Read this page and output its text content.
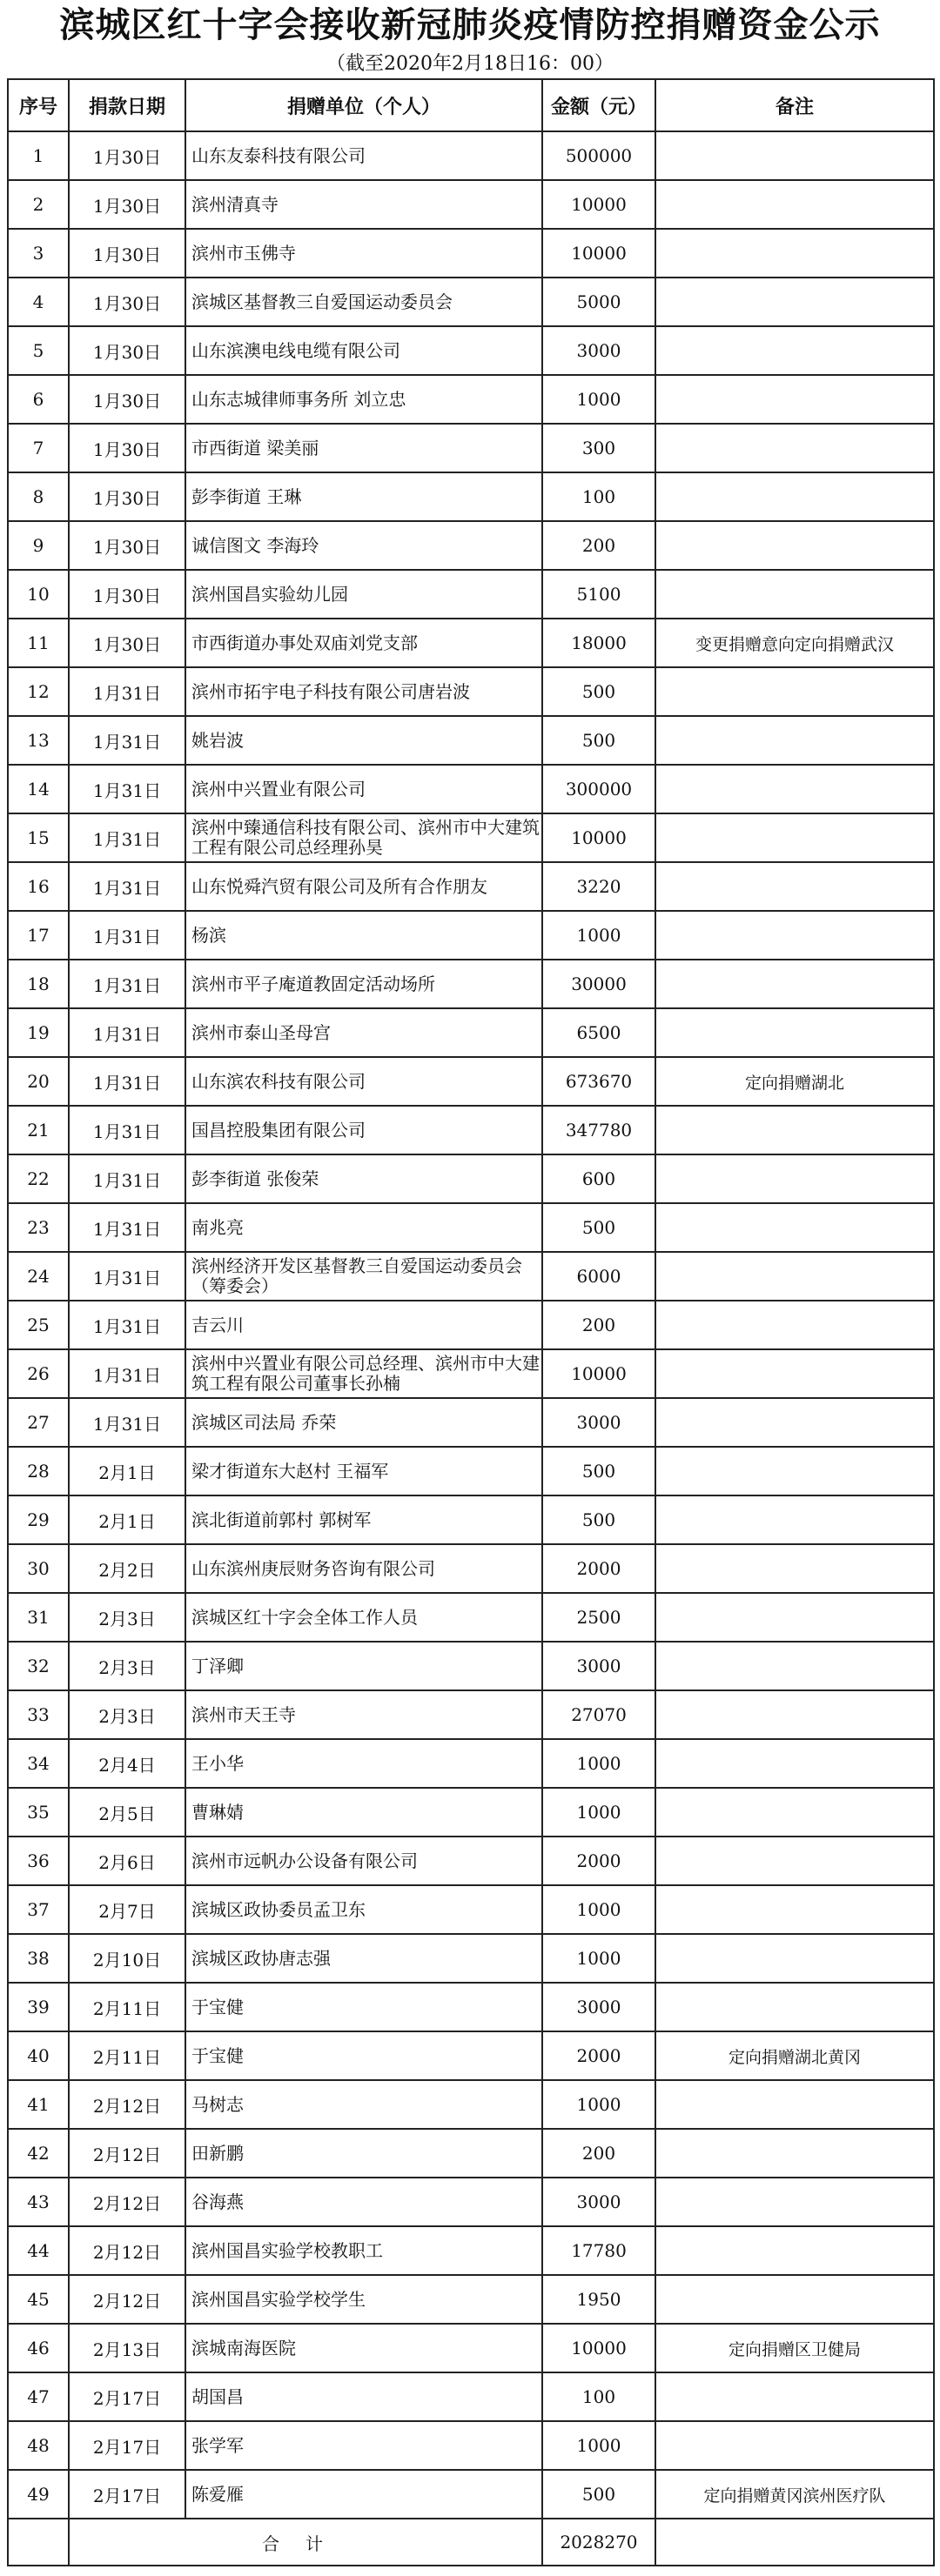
滨城区红十字会接收新冠肺炎疫情防控捐赠资金公示
（截至2020年2月18日16：00）
序号	捐款日期	捐赠单位（个人）	金额（元）	备注
1	1月30日	山东友泰科技有限公司	500000	
2	1月30日	滨州清真寺	10000	
3	1月30日	滨州市玉佛寺	10000	
4	1月30日	滨城区基督教三自爱国运动委员会	5000	
5	1月30日	山东滨澳电线电缆有限公司	3000	
6	1月30日	山东志城律师事务所 刘立忠	1000	
7	1月30日	市西街道 梁美丽	300	
8	1月30日	彭李街道 王琳	100	
9	1月30日	诚信图文 李海玲	200	
10	1月30日	滨州国昌实验幼儿园	5100	
11	1月30日	市西街道办事处双庙刘党支部	18000	变更捐赠意向定向捐赠武汉
12	1月31日	滨州市拓宇电子科技有限公司唐岩波	500	
13	1月31日	姚岩波	500	
14	1月31日	滨州中兴置业有限公司	300000	
15	1月31日	滨州中臻通信科技有限公司、滨州市中大建筑工程有限公司总经理孙昊	10000	
16	1月31日	山东悦舜汽贸有限公司及所有合作朋友	3220	
17	1月31日	杨滨	1000	
18	1月31日	滨州市平子庵道教固定活动场所	30000	
19	1月31日	滨州市泰山圣母宫	6500	
20	1月31日	山东滨农科技有限公司	673670	定向捐赠湖北
21	1月31日	国昌控股集团有限公司	347780	
22	1月31日	彭李街道 张俊荣	600	
23	1月31日	南兆亮	500	
24	1月31日	滨州经济开发区基督教三自爱国运动委员会（筹委会）	6000	
25	1月31日	吉云川	200	
26	1月31日	滨州中兴置业有限公司总经理、滨州市中大建筑工程有限公司董事长孙楠	10000	
27	1月31日	滨城区司法局 乔荣	3000	
28	2月1日	梁才街道东大赵村 王福军	500	
29	2月1日	滨北街道前郭村 郭树军	500	
30	2月2日	山东滨州庚辰财务咨询有限公司	2000	
31	2月3日	滨城区红十字会全体工作人员	2500	
32	2月3日	丁泽卿	3000	
33	2月3日	滨州市天王寺	27070	
34	2月4日	王小华	1000	
35	2月5日	曹琳婧	1000	
36	2月6日	滨州市远帆办公设备有限公司	2000	
37	2月7日	滨城区政协委员孟卫东	1000	
38	2月10日	滨城区政协唐志强	1000	
39	2月11日	于宝健	3000	
40	2月11日	于宝健	2000	定向捐赠湖北黄冈
41	2月12日	马树志	1000	
42	2月12日	田新鹏	200	
43	2月12日	谷海燕	3000	
44	2月12日	滨州国昌实验学校教职工	17780	
45	2月12日	滨州国昌实验学校学生	1950	
46	2月13日	滨城南海医院	10000	定向捐赠区卫健局
47	2月17日	胡国昌	100	
48	2月17日	张学军	1000	
49	2月17日	陈爱雁	500	定向捐赠黄冈滨州医疗队
	合计		2028270	
